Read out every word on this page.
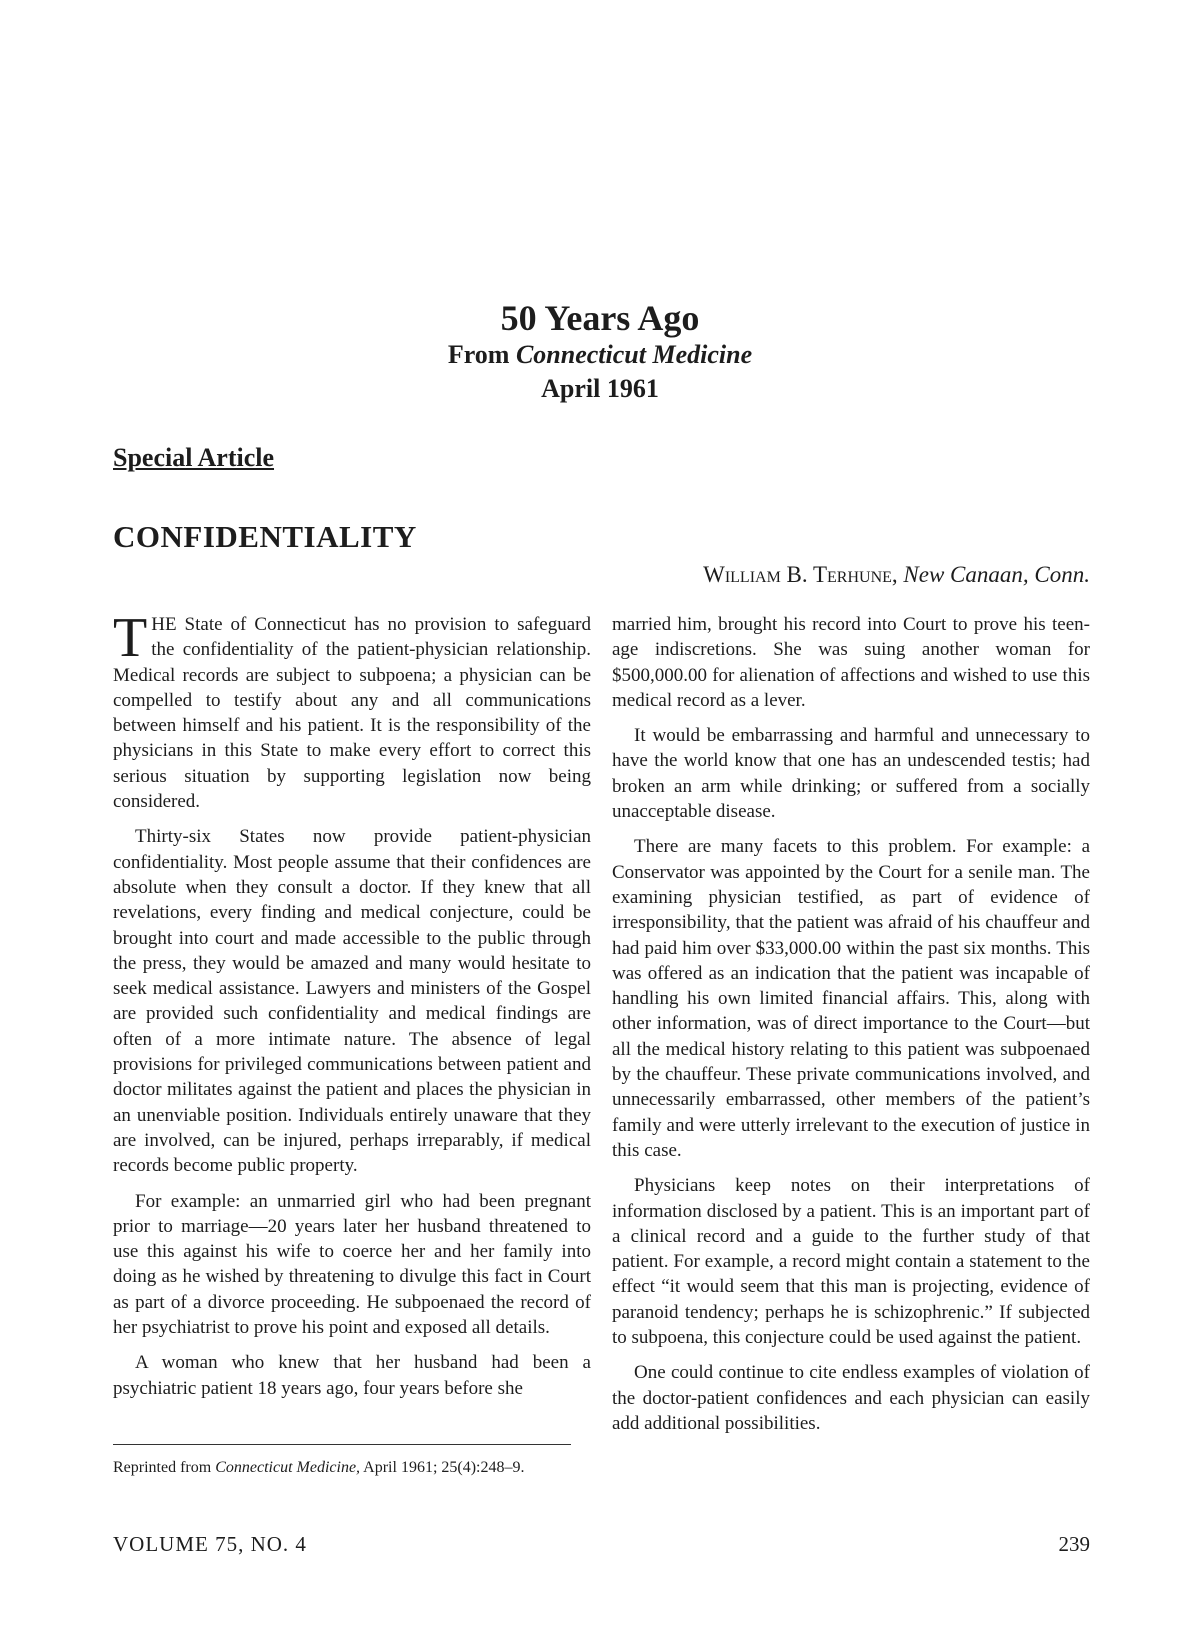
50 Years Ago
From Connecticut Medicine
April 1961
Special Article
CONFIDENTIALITY
William B. Terhune, New Canaan, Conn.

THE State of Connecticut has no provision to safeguard the confidentiality of the patient-physician relationship. Medical records are subject to subpoena; a physician can be compelled to testify about any and all communications between himself and his patient. It is the responsibility of the physicians in this State to make every effort to correct this serious situation by supporting legislation now being considered.

Thirty-six States now provide patient-physician confidentiality. Most people assume that their confidences are absolute when they consult a doctor. If they knew that all revelations, every finding and medical conjecture, could be brought into court and made accessible to the public through the press, they would be amazed and many would hesitate to seek medical assistance. Lawyers and ministers of the Gospel are provided such confidentiality and medical findings are often of a more intimate nature. The absence of legal provisions for privileged communications between patient and doctor militates against the patient and places the physician in an unenviable position. Individuals entirely unaware that they are involved, can be injured, perhaps irreparably, if medical records become public property.

For example: an unmarried girl who had been pregnant prior to marriage—20 years later her husband threatened to use this against his wife to coerce her and her family into doing as he wished by threatening to divulge this fact in Court as part of a divorce proceeding. He subpoenaed the record of her psychiatrist to prove his point and exposed all details.

A woman who knew that her husband had been a psychiatric patient 18 years ago, four years before she

married him, brought his record into Court to prove his teen-age indiscretions. She was suing another woman for $500,000.00 for alienation of affections and wished to use this medical record as a lever.

It would be embarrassing and harmful and unnecessary to have the world know that one has an undescended testis; had broken an arm while drinking; or suffered from a socially unacceptable disease.

There are many facets to this problem. For example: a Conservator was appointed by the Court for a senile man. The examining physician testified, as part of evidence of irresponsibility, that the patient was afraid of his chauffeur and had paid him over $33,000.00 within the past six months. This was offered as an indication that the patient was incapable of handling his own limited financial affairs. This, along with other information, was of direct importance to the Court—but all the medical history relating to this patient was subpoenaed by the chauffeur. These private communications involved, and unnecessarily embarrassed, other members of the patient’s family and were utterly irrelevant to the execution of justice in this case.

Physicians keep notes on their interpretations of information disclosed by a patient. This is an important part of a clinical record and a guide to the further study of that patient. For example, a record might contain a statement to the effect “it would seem that this man is projecting, evidence of paranoid tendency; perhaps he is schizophrenic.” If subjected to subpoena, this conjecture could be used against the patient.

One could continue to cite endless examples of violation of the doctor-patient confidences and each physician can easily add additional possibilities.

Reprinted from Connecticut Medicine, April 1961; 25(4):248–9.
VOLUME 75, NO. 4	239
